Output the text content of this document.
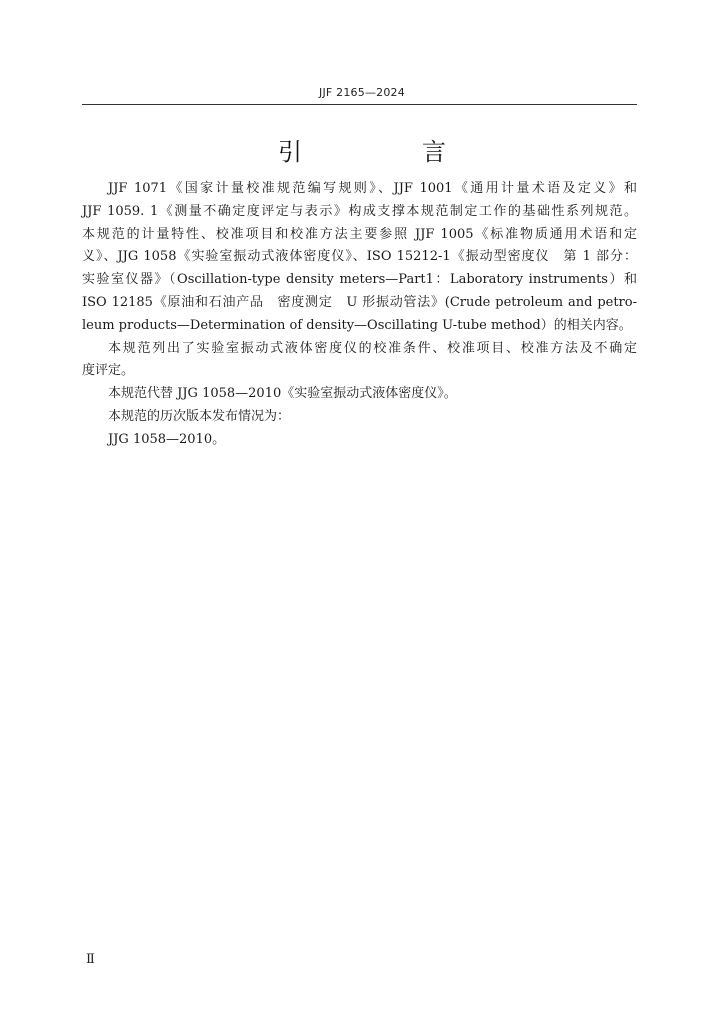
JJF 2165—2024
引　言

JJF 1071《国家计量校准规范编写规则》、JJF 1001《通用计量术语及定义》和
JJF 1059. 1《测量不确定度评定与表示》构成支撑本规范制定工作的基础性系列规范。
本规范的计量特性、校准项目和校准方法主要参照 JJF 1005《标准物质通用术语和定
义》、JJG 1058《实验室振动式液体密度仪》、ISO 15212-1《振动型密度仪　第 1 部分：
实验室仪器》（Oscillation-type density meters—Part1：Laboratory instruments）和
ISO 12185《原油和石油产品　密度测定　U 形振动管法》(Crude petroleum and petro-
leum products—Determination of density—Oscillating U-tube method）的相关内容。

本规范列出了实验室振动式液体密度仪的校准条件、校准项目、校准方法及不确定
度评定。

本规范代替 JJG 1058—2010《实验室振动式液体密度仪》。

本规范的历次版本发布情况为：

JJG 1058—2010。

Ⅱ
